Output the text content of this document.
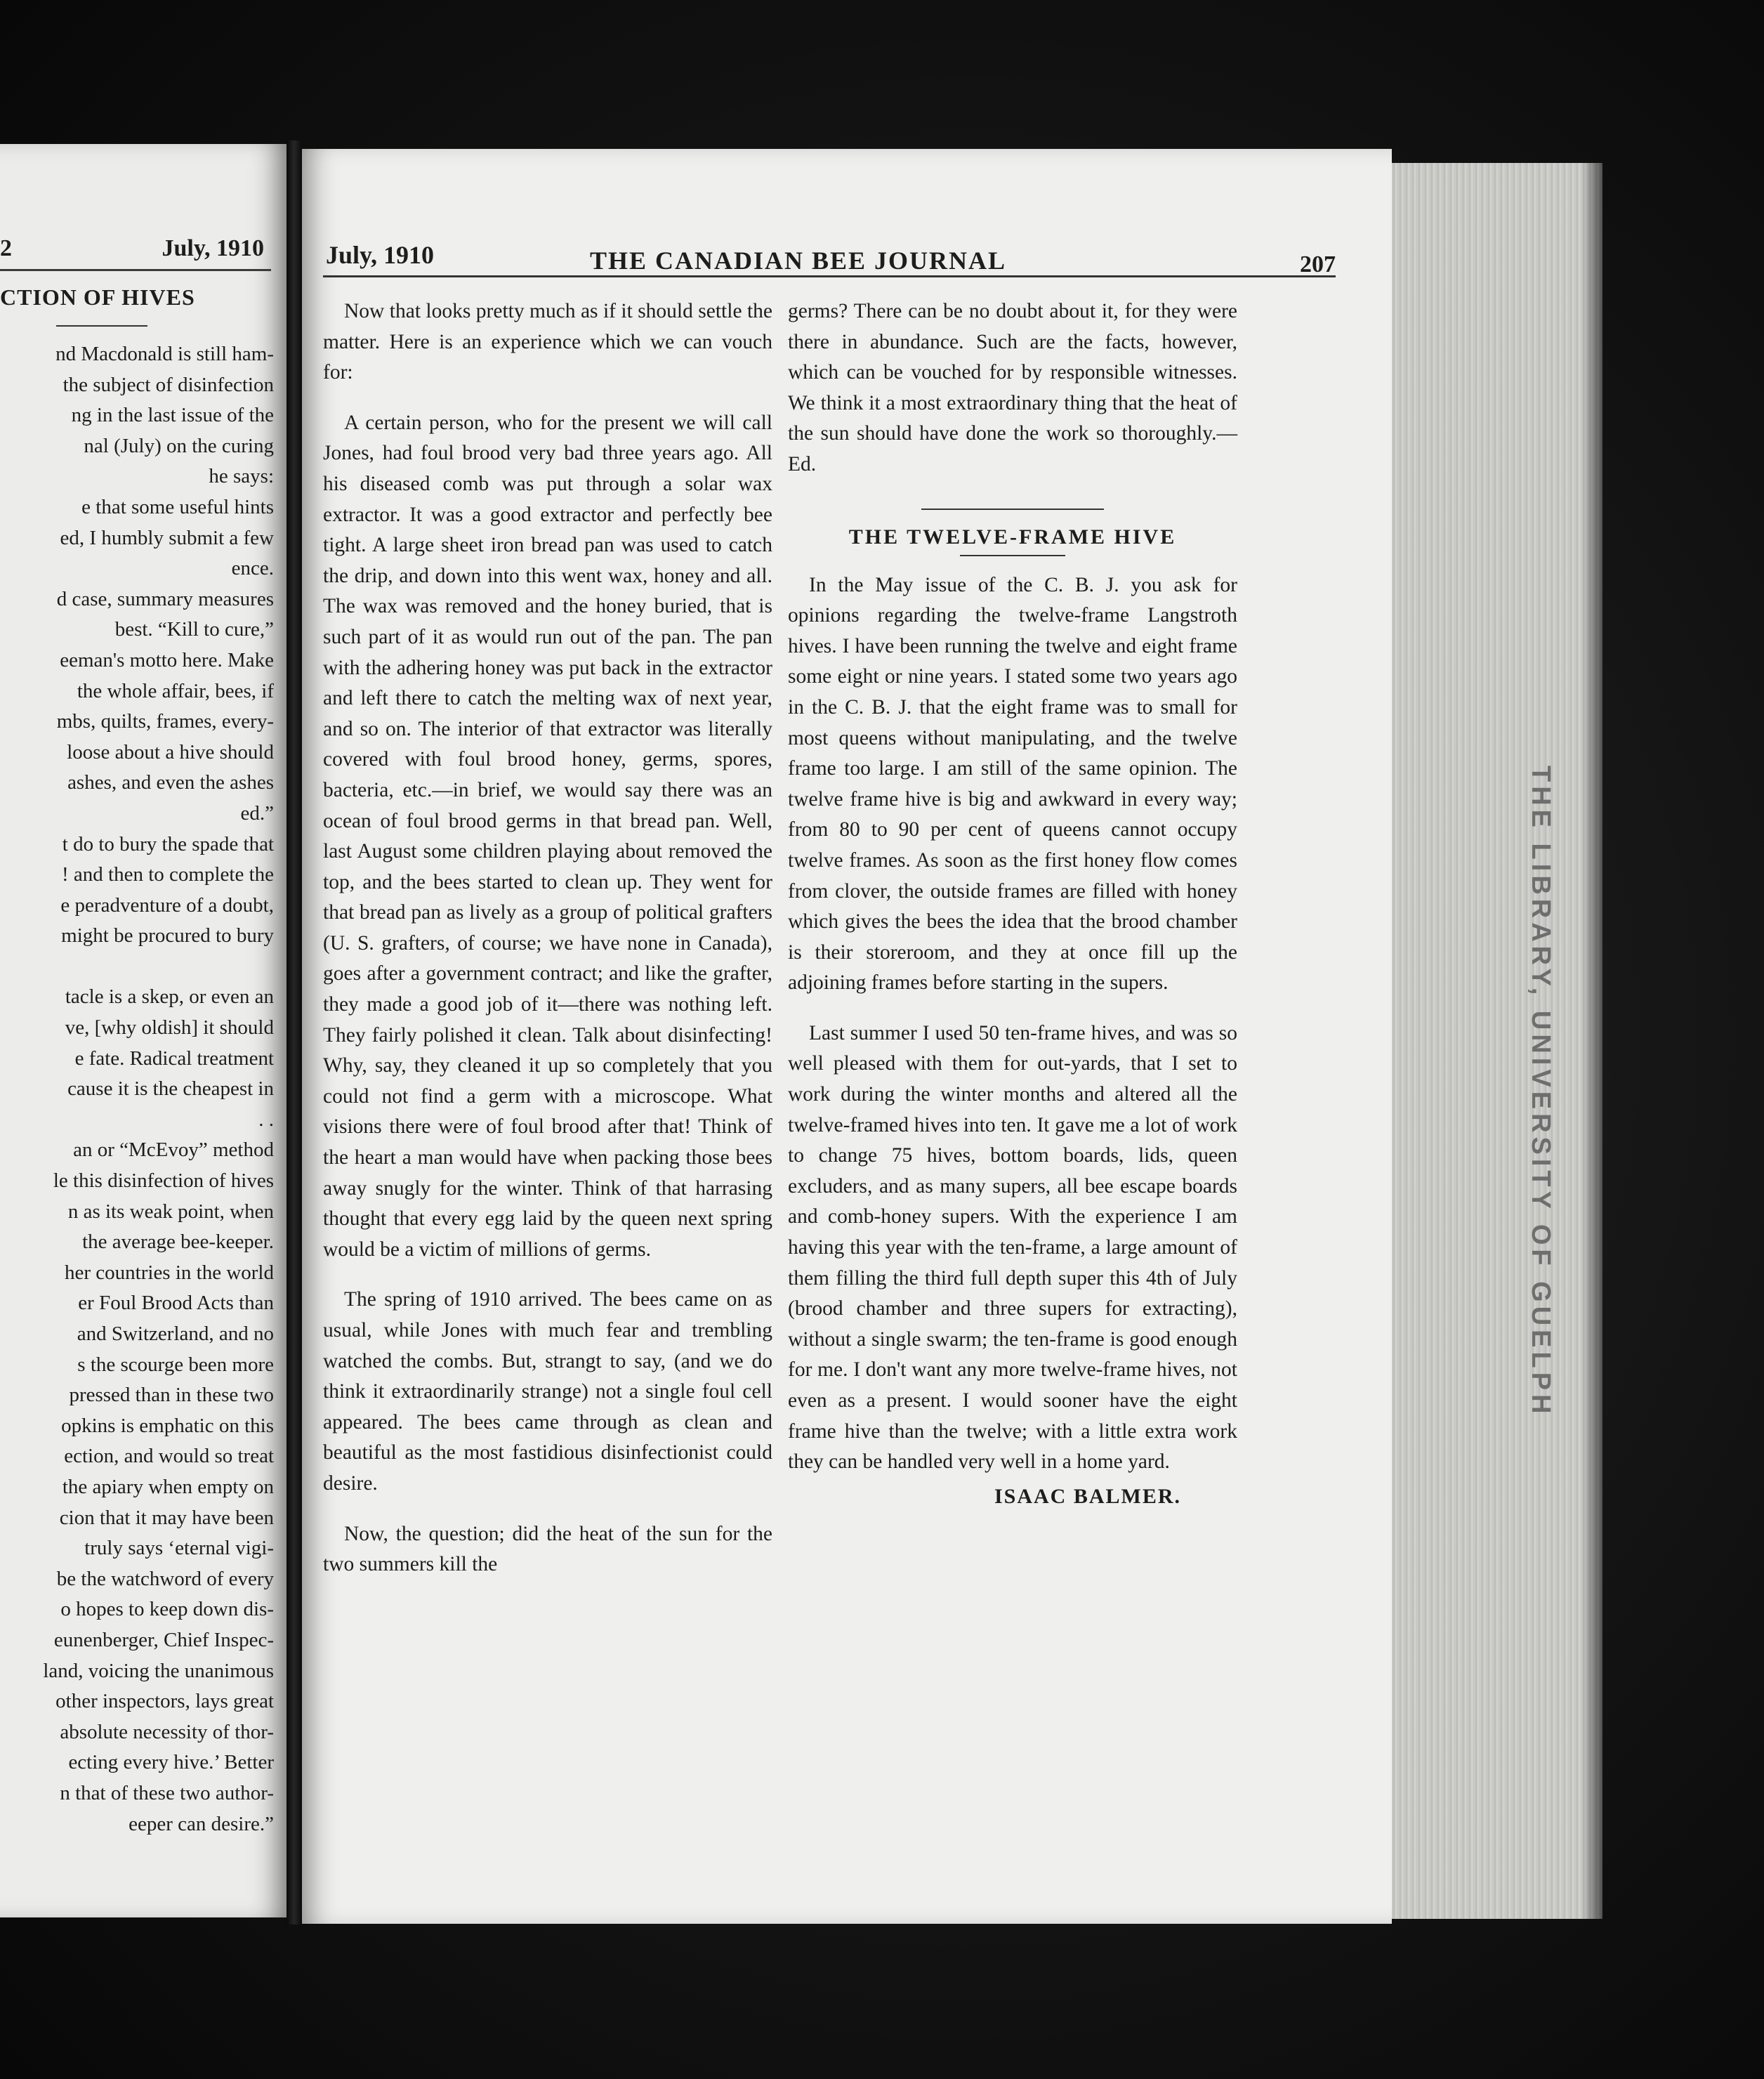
2	July, 1910
CTION OF HIVES
nd Macdonald is still ham-
the subject of disinfection
ng in the last issue of the
nal (July) on the curing
he says:
e that some useful hints
ed, I humbly submit a few
ence.
d case, summary measures
best. “Kill to cure,”
eeman's motto here. Make
the whole affair, bees, if
mbs, quilts, frames, every-
loose about a hive should
ashes, and even the ashes
ed.”
t do to bury the spade that
! and then to complete the
e peradventure of a doubt,
might be procured to bury

tacle is a skep, or even an
ve, [why oldish] it should
e fate. Radical treatment
cause it is the cheapest in
. .
an or “McEvoy” method
le this disinfection of hives
n as its weak point, when
the average bee-keeper.
her countries in the world
er Foul Brood Acts than
and Switzerland, and no
s the scourge been more
pressed than in these two
opkins is emphatic on this
ection, and would so treat
the apiary when empty on
cion that it may have been
truly says ‘eternal vigi-
be the watchword of every
o hopes to keep down dis-
eunenberger, Chief Inspec-
land, voicing the unanimous
other inspectors, lays great
absolute necessity of thor-
ecting every hive.’ Better
n that of these two author-
eeper can desire.”
July, 1910	THE CANADIAN BEE JOURNAL	207

Now that looks pretty much as if it should settle the matter. Here is an experience which we can vouch for:

A certain person, who for the present we will call Jones, had foul brood very bad three years ago. All his diseased comb was put through a solar wax extractor. It was a good extractor and perfectly bee tight. A large sheet iron bread pan was used to catch the drip, and down into this went wax, honey and all. The wax was removed and the honey buried, that is such part of it as would run out of the pan. The pan with the adhering honey was put back in the extractor and left there to catch the melting wax of next year, and so on. The interior of that extractor was literally covered with foul brood honey, germs, spores, bacteria, etc.—in brief, we would say there was an ocean of foul brood germs in that bread pan. Well, last August some children playing about removed the top, and the bees started to clean up. They went for that bread pan as lively as a group of political grafters (U. S. grafters, of course; we have none in Canada), goes after a government contract; and like the grafter, they made a good job of it—there was nothing left. They fairly polished it clean. Talk about disinfecting! Why, say, they cleaned it up so completely that you could not find a germ with a microscope. What visions there were of foul brood after that! Think of the heart a man would have when packing those bees away snugly for the winter. Think of that harrasing thought that every egg laid by the queen next spring would be a victim of millions of germs.

The spring of 1910 arrived. The bees came on as usual, while Jones with much fear and trembling watched the combs. But, strangt to say, (and we do think it extraordinarily strange) not a single foul cell appeared. The bees came through as clean and beautiful as the most fastidious disinfectionist could desire.

Now, the question; did the heat of the sun for the two summers kill the

germs? There can be no doubt about it, for they were there in abundance. Such are the facts, however, which can be vouched for by responsible witnesses. We think it a most extraordinary thing that the heat of the sun should have done the work so thoroughly.—Ed.

THE TWELVE-FRAME HIVE

In the May issue of the C. B. J. you ask for opinions regarding the twelve-frame Langstroth hives. I have been running the twelve and eight frame some eight or nine years. I stated some two years ago in the C. B. J. that the eight frame was to small for most queens without manipulating, and the twelve frame too large. I am still of the same opinion. The twelve frame hive is big and awkward in every way; from 80 to 90 per cent of queens cannot occupy twelve frames. As soon as the first honey flow comes from clover, the outside frames are filled with honey which gives the bees the idea that the brood chamber is their storeroom, and they at once fill up the adjoining frames before starting in the supers.

Last summer I used 50 ten-frame hives, and was so well pleased with them for out-yards, that I set to work during the winter months and altered all the twelve-framed hives into ten. It gave me a lot of work to change 75 hives, bottom boards, lids, queen excluders, and as many supers, all bee escape boards and comb-honey supers. With the experience I am having this year with the ten-frame, a large amount of them filling the third full depth super this 4th of July (brood chamber and three supers for extracting), without a single swarm; the ten-frame is good enough for me. I don't want any more twelve-frame hives, not even as a present. I would sooner have the eight frame hive than the twelve; with a little extra work they can be handled very well in a home yard.

ISAAC BALMER.
THE LIBRARY, UNIVERSITY OF GUELPH
